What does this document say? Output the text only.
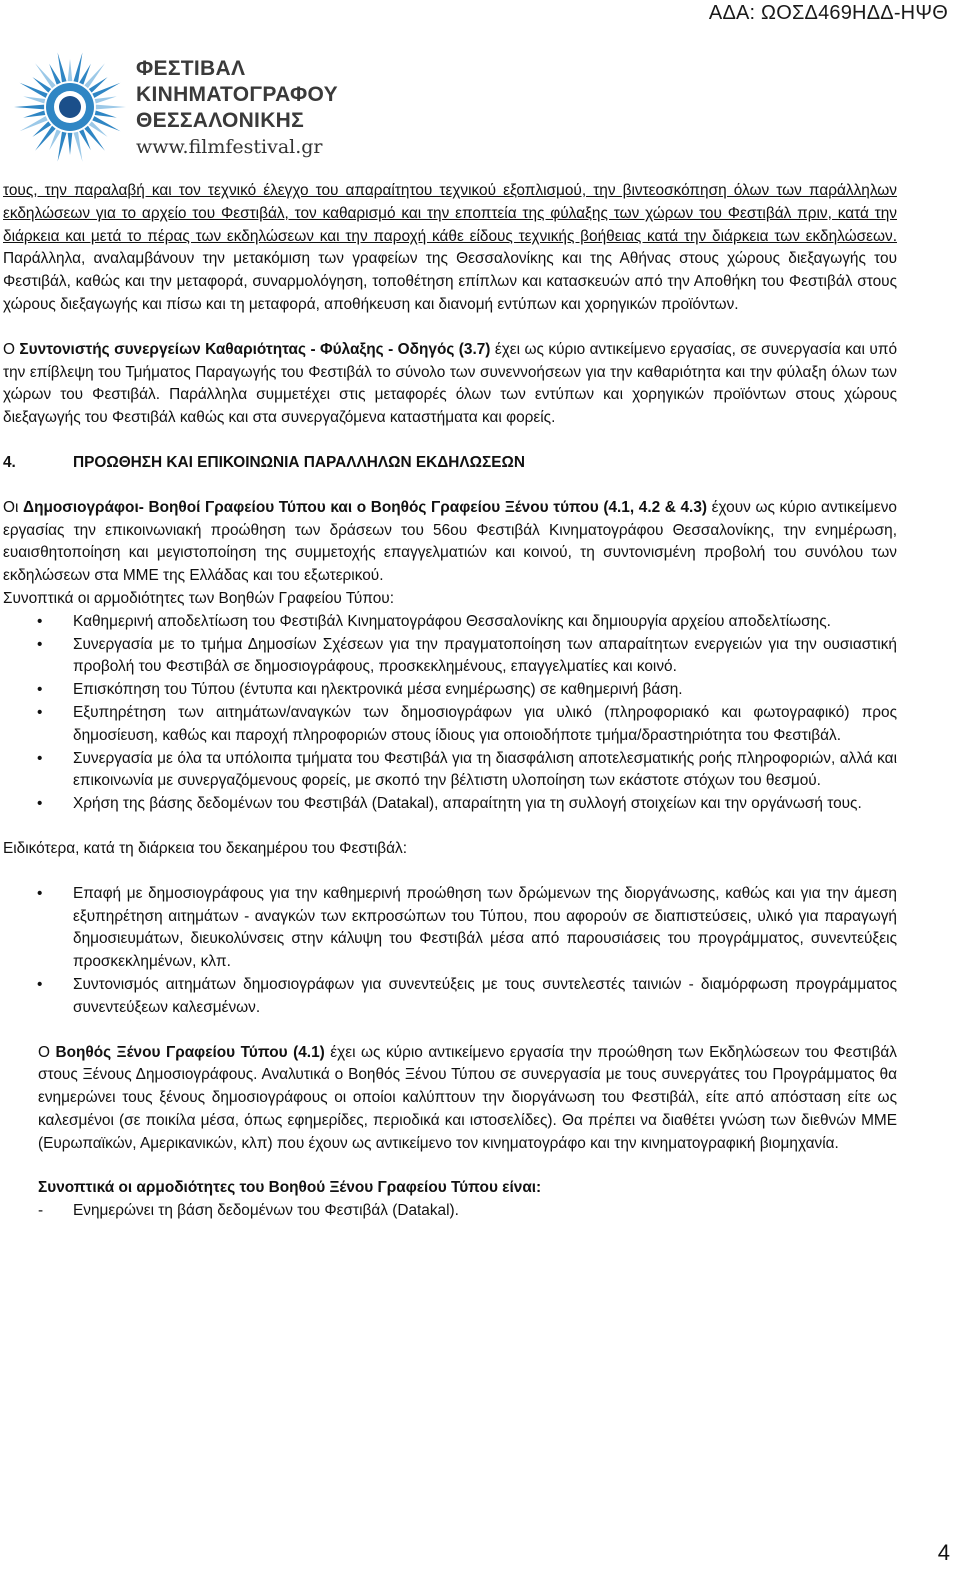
ΑΔΑ: ΩΟΣΔ469ΗΔΔ-ΗΨΘ
ΦΕΣΤΙΒΑΛ
ΚΙΝΗΜΑΤΟΓΡΑΦΟΥ
ΘΕΣΣΑΛΟΝΙΚΗΣ
www.filmfestival.gr

τους, την παραλαβή και τον τεχνικό έλεγχο του απαραίτητου τεχνικού εξοπλισμού, την βιντεοσκόπηση όλων των παράλληλων εκδηλώσεων για το αρχείο του Φεστιβάλ, τον καθαρισμό και την εποπτεία της φύλαξης των χώρων του Φεστιβάλ πριν, κατά την διάρκεια και μετά το πέρας των εκδηλώσεων και την παροχή κάθε είδους τεχνικής βοήθειας κατά την διάρκεια των εκδηλώσεων. Παράλληλα, αναλαμβάνουν την μετακόμιση των γραφείων της Θεσσαλονίκης και της Αθήνας στους χώρους διεξαγωγής του Φεστιβάλ, καθώς και την μεταφορά, συναρμολόγηση, τοποθέτηση επίπλων και κατασκευών από την Αποθήκη του Φεστιβάλ στους χώρους διεξαγωγής και πίσω και τη μεταφορά, αποθήκευση και διανομή εντύπων και χορηγικών προϊόντων.

Ο Συντονιστής συνεργείων Καθαριότητας - Φύλαξης - Οδηγός (3.7) έχει ως κύριο αντικείμενο εργασίας, σε συνεργασία και υπό την επίβλεψη του Τμήματος Παραγωγής του Φεστιβάλ το σύνολο των συνεννοήσεων για την καθαριότητα και την φύλαξη όλων των χώρων του Φεστιβάλ. Παράλληλα συμμετέχει στις μεταφορές όλων των εντύπων και χορηγικών προϊόντων στους χώρους διεξαγωγής του Φεστιβάλ καθώς και στα συνεργαζόμενα καταστήματα και φορείς.

4.	ΠΡΟΩΘΗΣΗ ΚΑΙ ΕΠΙΚΟΙΝΩΝΙΑ ΠΑΡΑΛΛΗΛΩΝ ΕΚΔΗΛΩΣΕΩΝ

Οι Δημοσιογράφοι- Βοηθοί Γραφείου Τύπου και ο Βοηθός Γραφείου Ξένου τύπου (4.1, 4.2 & 4.3) έχουν ως κύριο αντικείμενο εργασίας την επικοινωνιακή προώθηση των δράσεων του 56ου Φεστιβάλ Κινηματογράφου Θεσσαλονίκης, την ενημέρωση, ευαισθητοποίηση και μεγιστοποίηση της συμμετοχής επαγγελματιών και κοινού, τη συντονισμένη προβολή του συνόλου των εκδηλώσεων στα ΜΜΕ της Ελλάδας και του εξωτερικού.

Συνοπτικά οι αρμοδιότητες των Βοηθών Γραφείου Τύπου:

• Καθημερινή αποδελτίωση του Φεστιβάλ Κινηματογράφου Θεσσαλονίκης και δημιουργία αρχείου αποδελτίωσης.
• Συνεργασία με το τμήμα Δημοσίων Σχέσεων για την πραγματοποίηση των απαραίτητων ενεργειών για την ουσιαστική προβολή του Φεστιβάλ σε δημοσιογράφους, προσκεκλημένους, επαγγελματίες και κοινό.
• Επισκόπηση του Τύπου (έντυπα και ηλεκτρονικά μέσα ενημέρωσης) σε καθημερινή βάση.
• Εξυπηρέτηση των αιτημάτων/αναγκών των δημοσιογράφων για υλικό (πληροφοριακό και φωτογραφικό) προς δημοσίευση, καθώς και παροχή πληροφοριών στους ίδιους για οποιοδήποτε τμήμα/δραστηριότητα του Φεστιβάλ.
• Συνεργασία με όλα τα υπόλοιπα τμήματα του Φεστιβάλ για τη διασφάλιση αποτελεσματικής ροής πληροφοριών, αλλά και επικοινωνία με συνεργαζόμενους φορείς, με σκοπό την βέλτιστη υλοποίηση των εκάστοτε στόχων του θεσμού.
• Χρήση της βάσης δεδομένων του Φεστιβάλ (Datakal), απαραίτητη για τη συλλογή στοιχείων και την οργάνωσή τους.

Ειδικότερα, κατά τη διάρκεια του δεκαημέρου του Φεστιβάλ:

• Επαφή με δημοσιογράφους για την καθημερινή προώθηση των δρώμενων της διοργάνωσης, καθώς και για την άμεση εξυπηρέτηση αιτημάτων - αναγκών των εκπροσώπων του Τύπου, που αφορούν σε διαπιστεύσεις, υλικό για παραγωγή δημοσιευμάτων, διευκολύνσεις στην κάλυψη του Φεστιβάλ μέσα από παρουσιάσεις του προγράμματος, συνεντεύξεις προσκεκλημένων, κλπ.
• Συντονισμός αιτημάτων δημοσιογράφων για συνεντεύξεις με τους συντελεστές ταινιών - διαμόρφωση προγράμματος συνεντεύξεων καλεσμένων.

Ο Βοηθός Ξένου Γραφείου Τύπου (4.1) έχει ως κύριο αντικείμενο εργασία την προώθηση των Εκδηλώσεων του Φεστιβάλ στους Ξένους Δημοσιογράφους. Αναλυτικά ο Βοηθός Ξένου Τύπου σε συνεργασία με τους συνεργάτες του Προγράμματος θα ενημερώνει τους ξένους δημοσιογράφους οι οποίοι καλύπτουν την διοργάνωση του Φεστιβάλ, είτε από απόσταση είτε ως καλεσμένοι (σε ποικίλα μέσα, όπως εφημερίδες, περιοδικά και ιστοσελίδες). Θα πρέπει να διαθέτει γνώση των διεθνών ΜΜΕ (Ευρωπαϊκών, Αμερικανικών, κλπ) που έχουν ως αντικείμενο τον κινηματογράφο και την κινηματογραφική βιομηχανία.

Συνοπτικά οι αρμοδιότητες του Βοηθού Ξένου Γραφείου Τύπου είναι:

-	Ενημερώνει τη βάση δεδομένων του Φεστιβάλ (Datakal).
4
